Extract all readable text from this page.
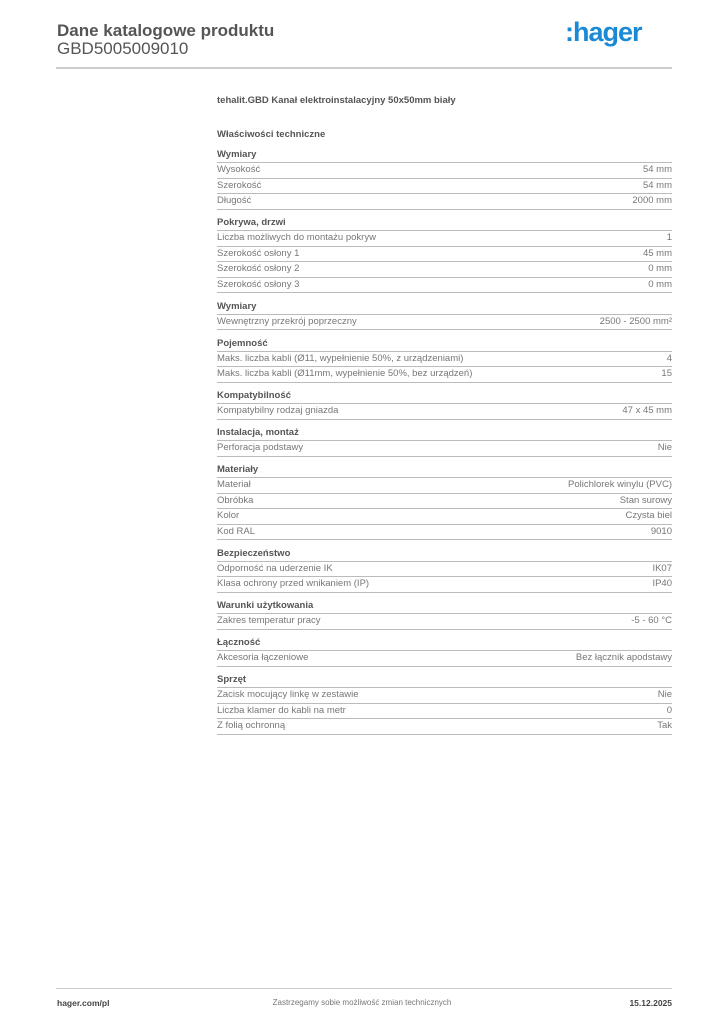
Dane katalogowe produktu
GBD5005009010
:hager
tehalit.GBD Kanał elektroinstalacyjny 50x50mm biały
Właściwości techniczne
Wymiary
Wysokość	54 mm
Szerokość	54 mm
Długość	2000 mm
Pokrywa, drzwi
Liczba możliwych do montażu pokryw	1
Szerokość osłony 1	45 mm
Szerokość osłony 2	0 mm
Szerokość osłony 3	0 mm
Wymiary
Wewnętrzny przekrój poprzeczny	2500 - 2500 mm²
Pojemność
Maks. liczba kabli (Ø11, wypełnienie 50%, z urządzeniami)	4
Maks. liczba kabli (Ø11mm, wypełnienie 50%, bez urządzeń)	15
Kompatybilność
Kompatybilny rodzaj gniazda	47 x 45 mm
Instalacja, montaż
Perforacja podstawy	Nie
Materiały
Materiał	Polichlorek winylu (PVC)
Obróbka	Stan surowy
Kolor	Czysta biel
Kod RAL	9010
Bezpieczeństwo
Odporność na uderzenie IK	IK07
Klasa ochrony przed wnikaniem (IP)	IP40
Warunki użytkowania
Zakres temperatur pracy	-5 - 60 °C
Łączność
Akcesoria łączeniowe	Bez łącznik apodstawy
Sprzęt
Zacisk mocujący linkę w zestawie	Nie
Liczba klamer do kabli na metr	0
Z folią ochronną	Tak
hager.com/pl	Zastrzegamy sobie możliwość zmian technicznych	15.12.2025
